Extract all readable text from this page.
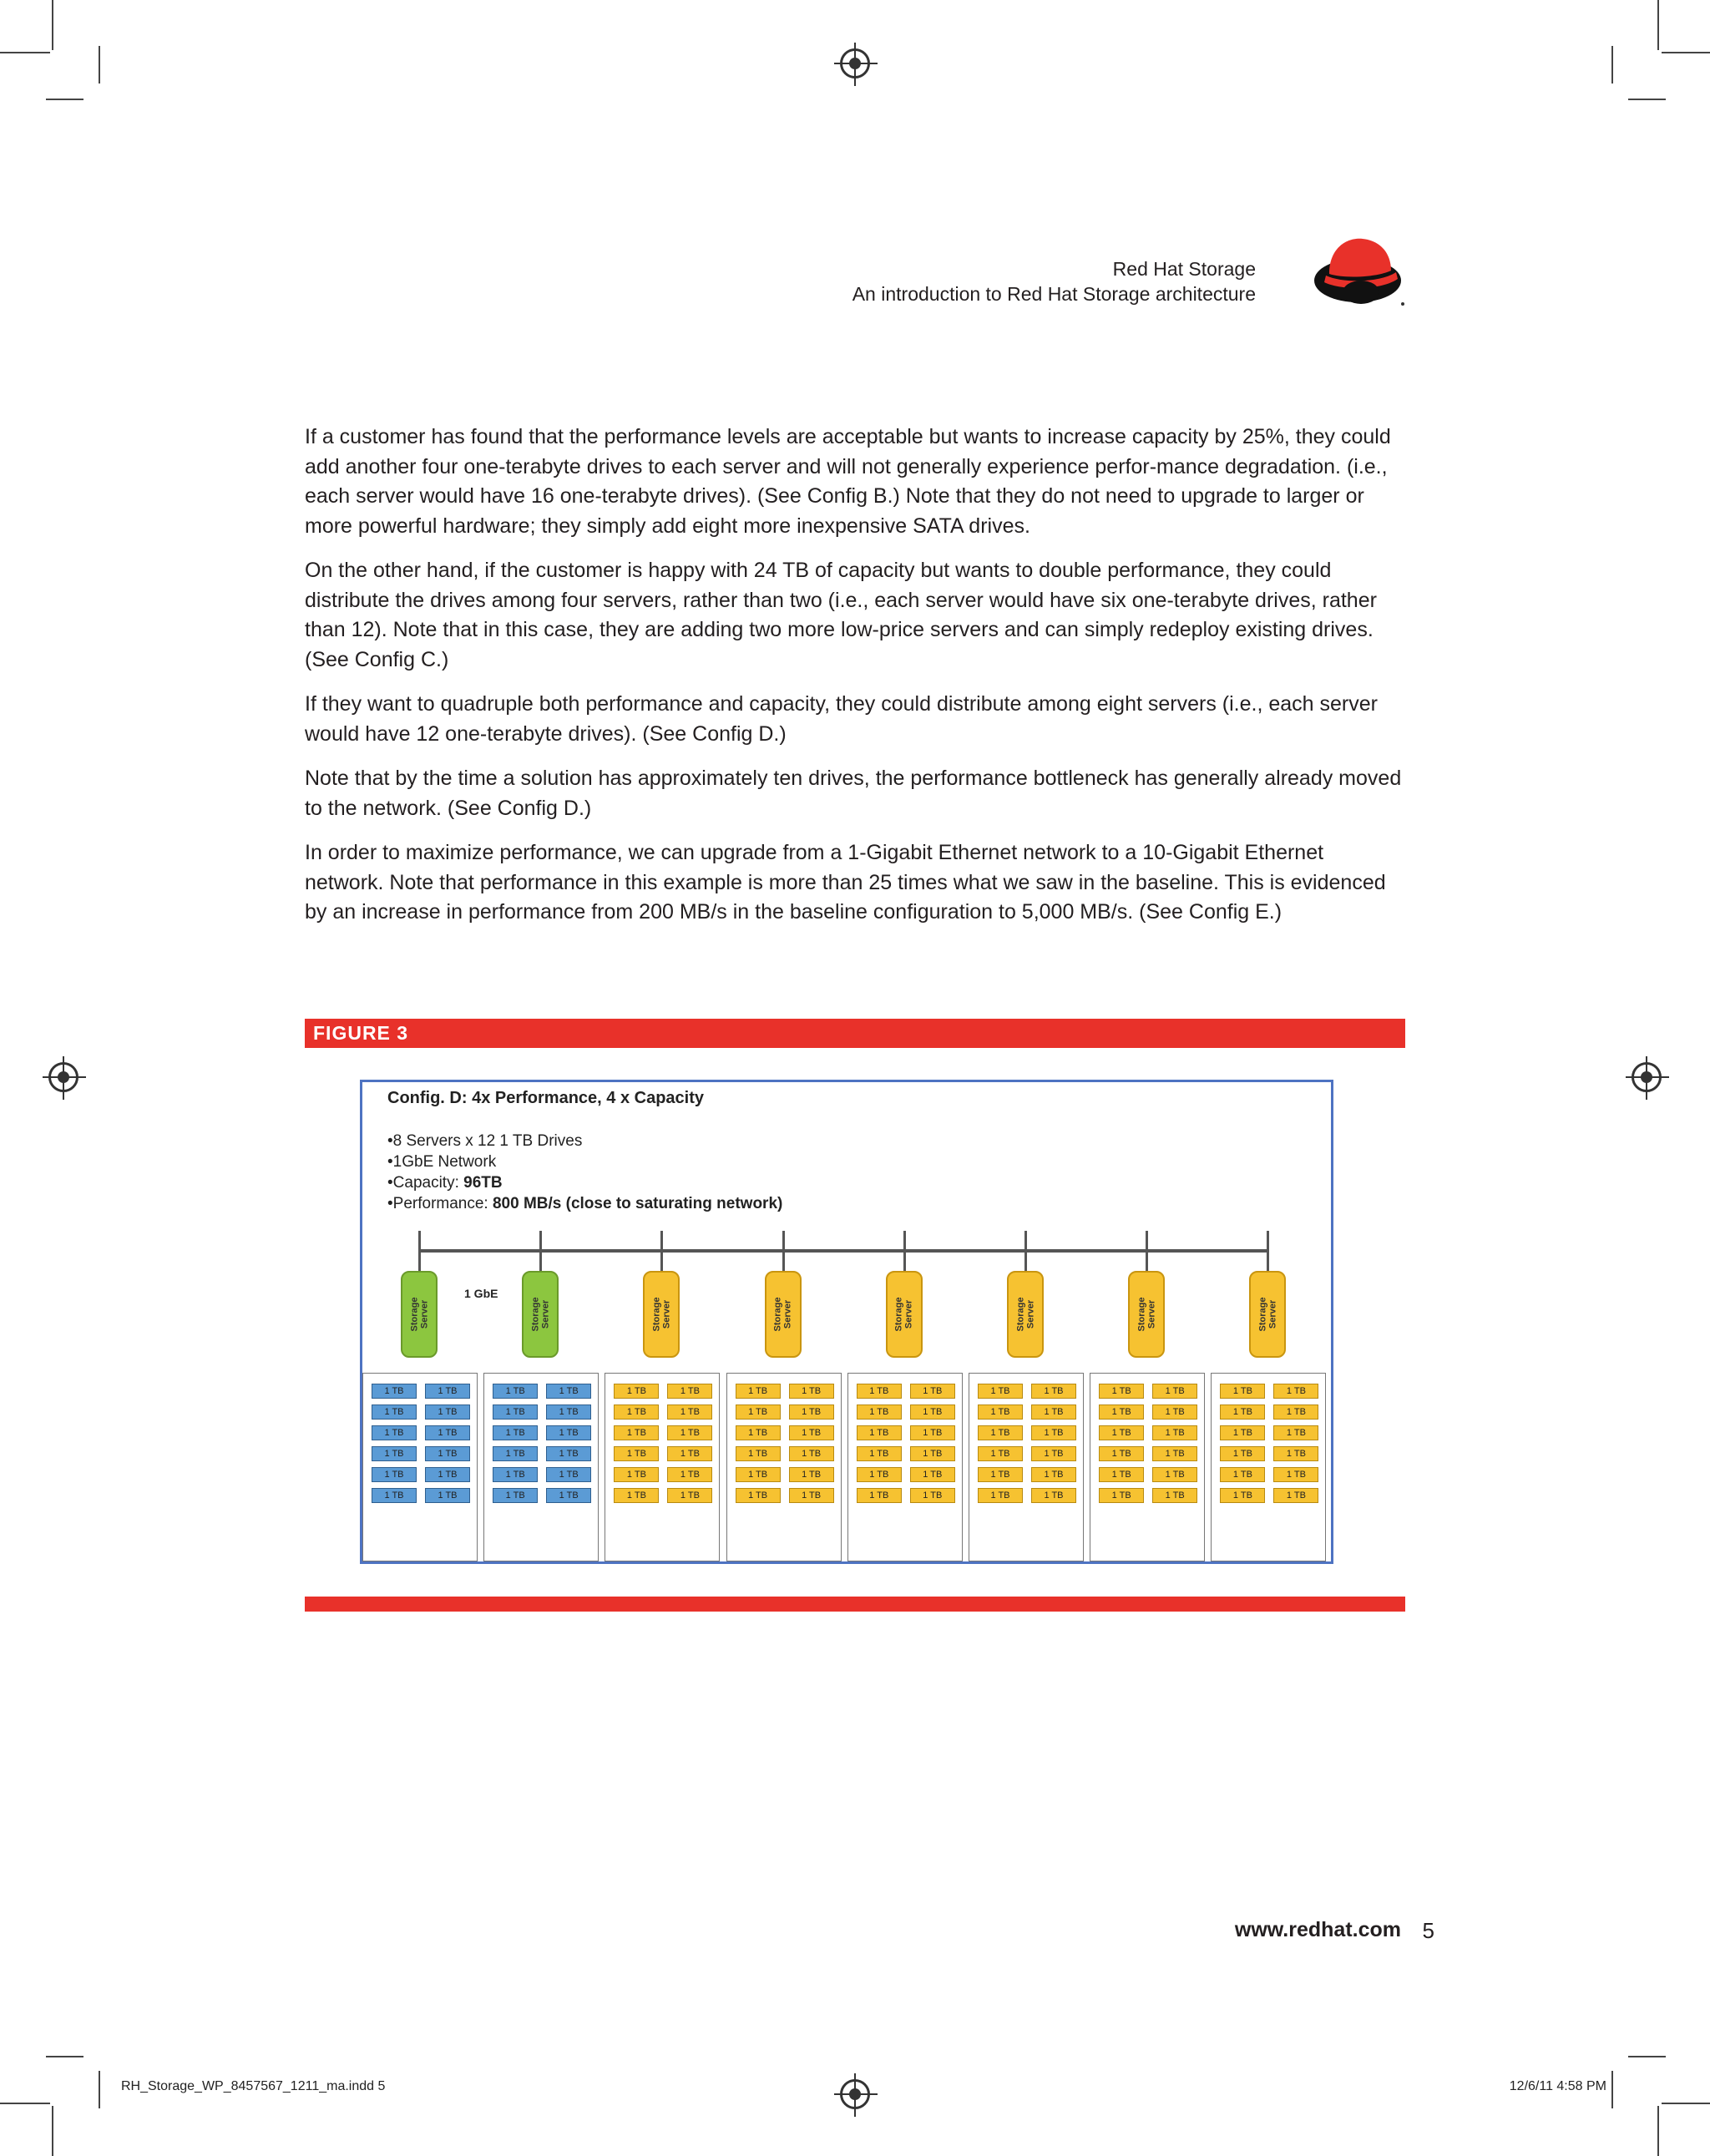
Red Hat Storage
An introduction to Red Hat Storage architecture

If a customer has found that the performance levels are acceptable but wants to increase capacity by 25%, they could add another four one-terabyte drives to each server and will not generally experience perfor-mance degradation. (i.e., each server would have 16 one-terabyte drives). (See Config B.) Note that they do not need to upgrade to larger or more powerful hardware; they simply add eight more inexpensive SATA drives.

On the other hand, if the customer is happy with 24 TB of capacity but wants to double performance, they could distribute the drives among four servers, rather than two (i.e., each server would have six one-terabyte drives, rather than 12). Note that in this case, they are adding two more low-price servers and can simply redeploy existing drives. (See Config C.)

If they want to quadruple both performance and capacity, they could distribute among eight servers (i.e., each server would have 12 one-terabyte drives). (See Config D.)

Note that by the time a solution has approximately ten drives, the performance bottleneck has generally already moved to the network. (See Config D.)

In order to maximize performance, we can upgrade from a 1-Gigabit Ethernet network to a 10-Gigabit Ethernet network. Note that performance in this example is more than 25 times what we saw in the baseline. This is evidenced by an increase in performance from 200 MB/s in the baseline configuration to 5,000 MB/s. (See Config E.)

FIGURE 3
Config. D: 4x Performance, 4 x Capacity
•8 Servers x 12 1 TB Drives
•1GbE Network
•Capacity: 96TB
•Performance: 800 MB/s (close to saturating network)
1 GbE
Storage Server
1 TB	1 TB
1 TB	1 TB
1 TB	1 TB
1 TB	1 TB
1 TB	1 TB
1 TB	1 TB
Storage Server
1 TB	1 TB
1 TB	1 TB
1 TB	1 TB
1 TB	1 TB
1 TB	1 TB
1 TB	1 TB
Storage Server
1 TB	1 TB
1 TB	1 TB
1 TB	1 TB
1 TB	1 TB
1 TB	1 TB
1 TB	1 TB
Storage Server
1 TB	1 TB
1 TB	1 TB
1 TB	1 TB
1 TB	1 TB
1 TB	1 TB
1 TB	1 TB
Storage Server
1 TB	1 TB
1 TB	1 TB
1 TB	1 TB
1 TB	1 TB
1 TB	1 TB
1 TB	1 TB
Storage Server
1 TB	1 TB
1 TB	1 TB
1 TB	1 TB
1 TB	1 TB
1 TB	1 TB
1 TB	1 TB
Storage Server
1 TB	1 TB
1 TB	1 TB
1 TB	1 TB
1 TB	1 TB
1 TB	1 TB
1 TB	1 TB
Storage Server
1 TB	1 TB
1 TB	1 TB
1 TB	1 TB
1 TB	1 TB
1 TB	1 TB
1 TB	1 TB
www.redhat.com 5
RH_Storage_WP_8457567_1211_ma.indd 5	12/6/11 4:58 PM
